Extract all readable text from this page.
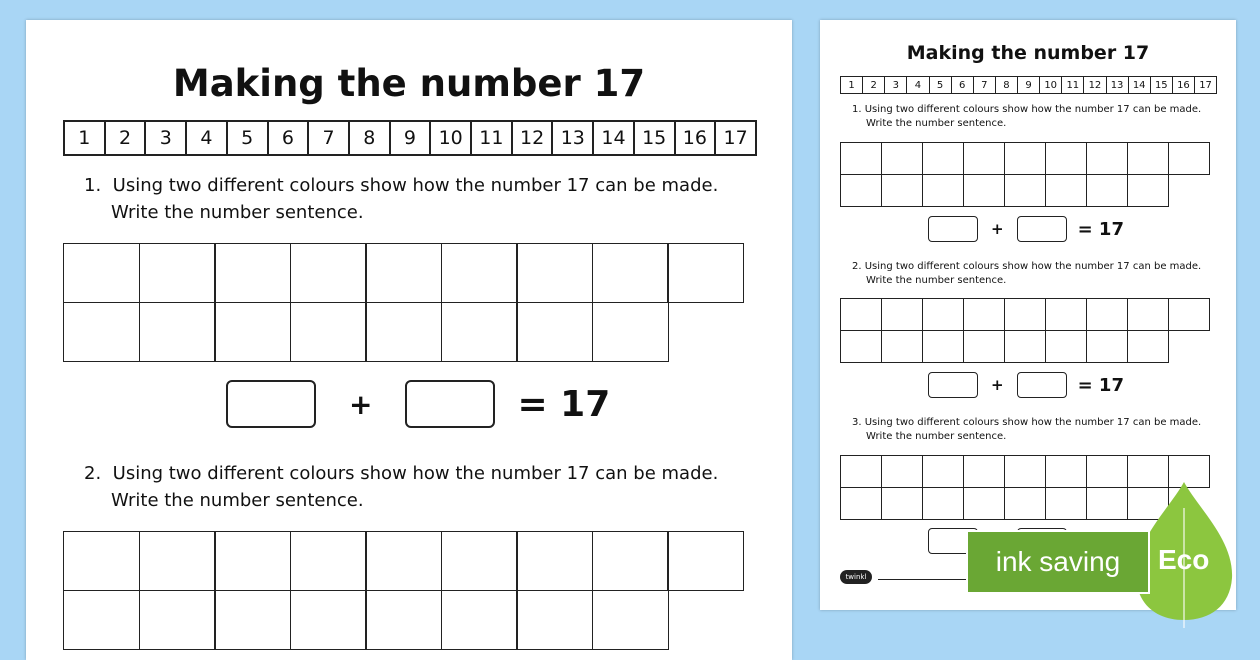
Making the number 17
1	2	3	4	5	6	7	8	9	10 11 12 13 14 15 16 17
1. Using two different colours show how the number 17 can be made.
Write the number sentence.
+	= 17
2. Using two different colours show how the number 17 can be made.
Write the number sentence.
Making the number 17
1	2	3	4	5	6	7	8	9	10 11 12 13 14 15 16 17
1. Using two different colours show how the number 17 can be made.
Write the number sentence.
+	= 17
2. Using two different colours show how the number 17 can be made.
Write the number sentence.
+	= 17
3. Using two different colours show how the number 17 can be made.
Write the number sentence.
twinkl	ink saving Eco
